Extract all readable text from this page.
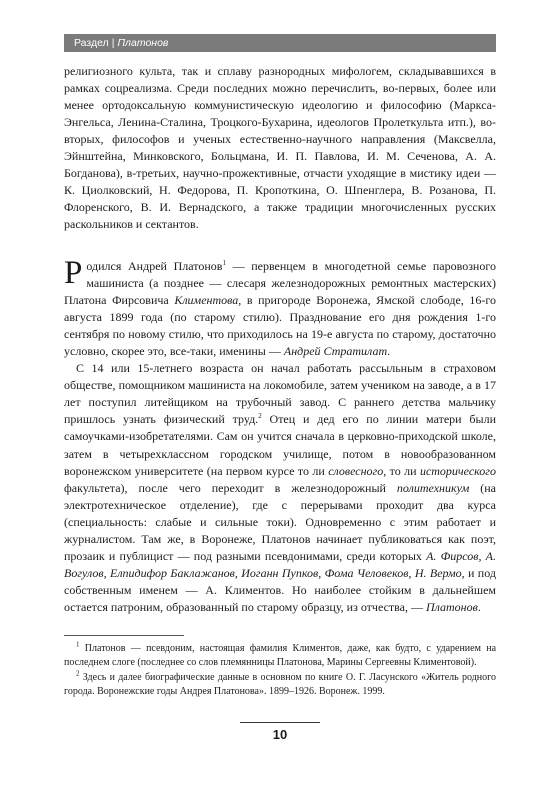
Раздел | Платонов

религиозного культа, так и сплаву разнородных мифологем, складывавшихся в рамках соцреализма. Среди последних можно перечислить, во-первых, более или менее ортодоксальную коммунистическую идеологию и философию (Маркса-Энгельса, Ленина-Сталина, Троцкого-Бухарина, идеологов Пролеткульта итп.), во-вторых, философов и ученых естественно-научного направления (Максвелла, Эйнштейна, Минковского, Больцмана, И. П. Павлова, И. М. Сеченова, А. А. Богданова), в-третьих, научно-прожективные, отчасти уходящие в мистику идеи — К. Циолковский, Н. Федорова, П. Кропоткина, О. Шпенглера, В. Розанова, П. Флоренского, В. И. Вернадского, а также традиции многочисленных русских раскольников и сектантов.

Родился Андрей Платонов$^1$ — первенцем в многодетной семье паровозного машиниста (а позднее — слесаря железнодорожных ремонтных мастерских) Платона Фирсовича Климентова, в пригороде Воронежа, Ямской слободе, 16-го августа 1899 года (по старому стилю). Празднование его дня рождения 1-го сентября по новому стилю, что приходилось на 19-е августа по старому, достаточно условно, скорее это, все-таки, именины — Андрей Стратилат.

С 14 или 15-летнего возраста он начал работать рассыльным в страховом обществе, помощником машиниста на локомобиле, затем учеником на заводе, а в 17 лет поступил литейщиком на трубочный завод. С раннего детства мальчику пришлось узнать физический труд.$^2$ Отец и дед его по линии матери были самоучками-изобретателями. Сам он учится сначала в церковно-приходской школе, затем в четырехклассном городском училище, потом в новообразованном воронежском университете (на первом курсе то ли словесного, то ли исторического факультета), после чего переходит в железнодорожный политехникум (на электротехническое отделение), где с перерывами проходит два курса (специальность: слабые и сильные токи). Одновременно с этим работает и журналистом. Там же, в Воронеже, Платонов начинает публиковаться как поэт, прозаик и публицист — под разными псевдонимами, среди которых А. Фирсов, А. Вогулов, Елпидифор Баклажанов, Иоганн Пупков, Фома Человеков, Н. Вермо, и под собственным именем — А. Климентов. Но наиболее стойким в дальнейшем остается патроним, образованный по старому образцу, из отчества, — Платонов.

$^1$ Платонов — псевдоним, настоящая фамилия Климентов, даже, как будто, с ударением на последнем слоге (последнее со слов племянницы Платонова, Марины Сергеевны Климентовой).

$^2$ Здесь и далее биографические данные в основном по книге О. Г. Ласунского «Житель родного города. Воронежские годы Андрея Платонова». 1899–1926. Воронеж. 1999.

10
